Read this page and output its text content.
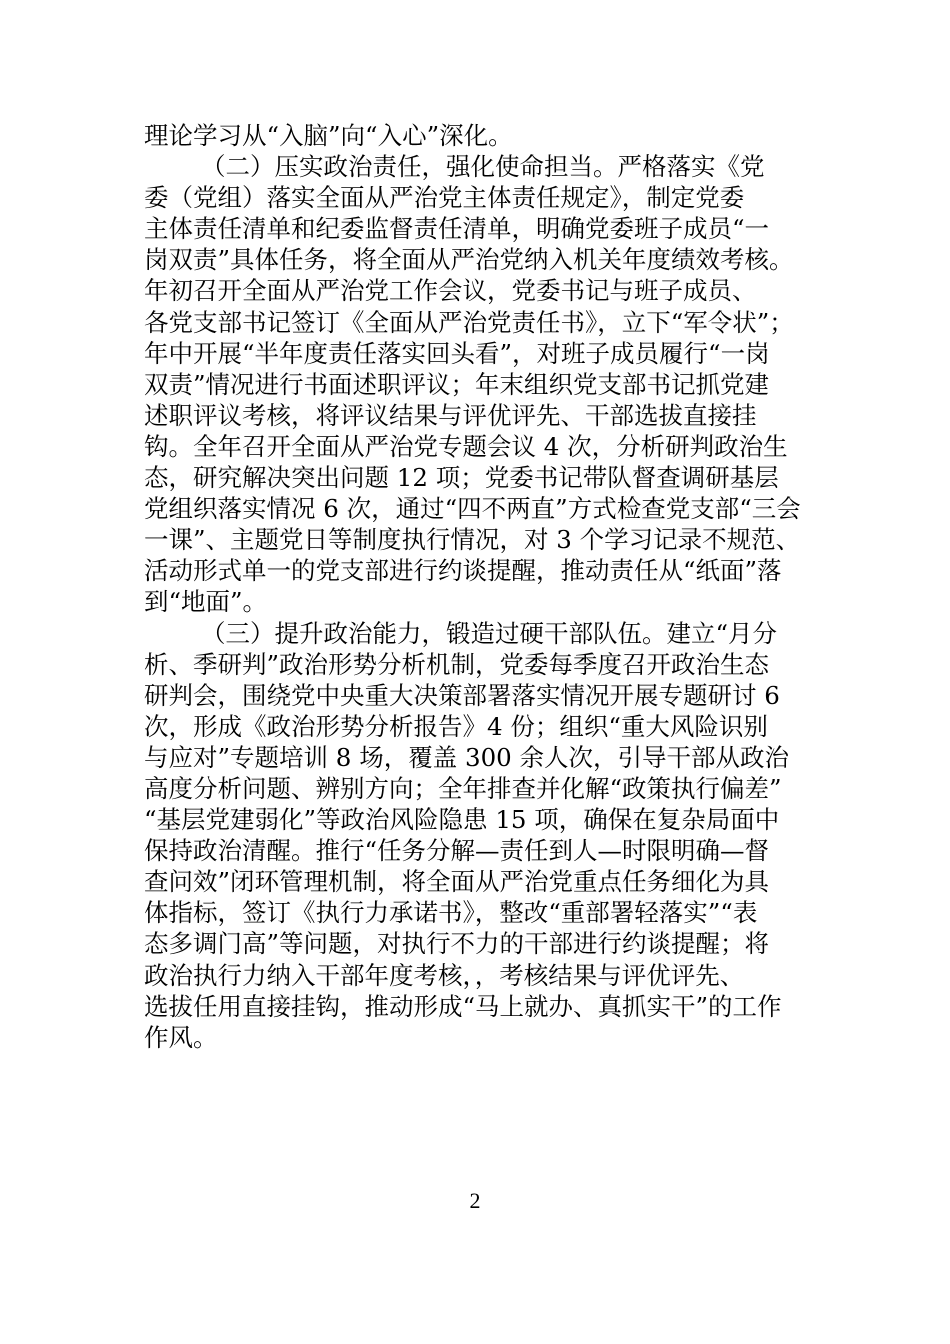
理论学习从“入脑”向“入心”深化。
（二）压实政治责任，强化使命担当。严格落实《党
委（党组）落实全面从严治党主体责任规定》，制定党委
主体责任清单和纪委监督责任清单，明确党委班子成员“一
岗双责”具体任务，将全面从严治党纳入机关年度绩效考核。
年初召开全面从严治党工作会议，党委书记与班子成员、
各党支部书记签订《全面从严治党责任书》，立下“军令状”；
年中开展“半年度责任落实回头看”，对班子成员履行“一岗
双责”情况进行书面述职评议；年末组织党支部书记抓党建
述职评议考核，将评议结果与评优评先、干部选拔直接挂
钩。全年召开全面从严治党专题会议 4 次，分析研判政治生
态，研究解决突出问题 12 项；党委书记带队督查调研基层
党组织落实情况 6 次，通过“四不两直”方式检查党支部“三会
一课”、主题党日等制度执行情况，对 3 个学习记录不规范、
活动形式单一的党支部进行约谈提醒，推动责任从“纸面”落
到“地面”。
（三）提升政治能力，锻造过硬干部队伍。建立“月分
析、季研判”政治形势分析机制，党委每季度召开政治生态
研判会，围绕党中央重大决策部署落实情况开展专题研讨 6
次，形成《政治形势分析报告》4 份；组织“重大风险识别
与应对”专题培训 8 场，覆盖 300 余人次，引导干部从政治
高度分析问题、辨别方向；全年排查并化解“政策执行偏差”
“基层党建弱化”等政治风险隐患 15 项，确保在复杂局面中
保持政治清醒。推行“任务分解—责任到人—时限明确—督
查问效”闭环管理机制，将全面从严治党重点任务细化为具
体指标，签订《执行力承诺书》，整改“重部署轻落实”“表
态多调门高”等问题，对执行不力的干部进行约谈提醒；将
政治执行力纳入干部年度考核，，考核结果与评优评先、
选拔任用直接挂钩，推动形成“马上就办、真抓实干”的工作
作风。
2
